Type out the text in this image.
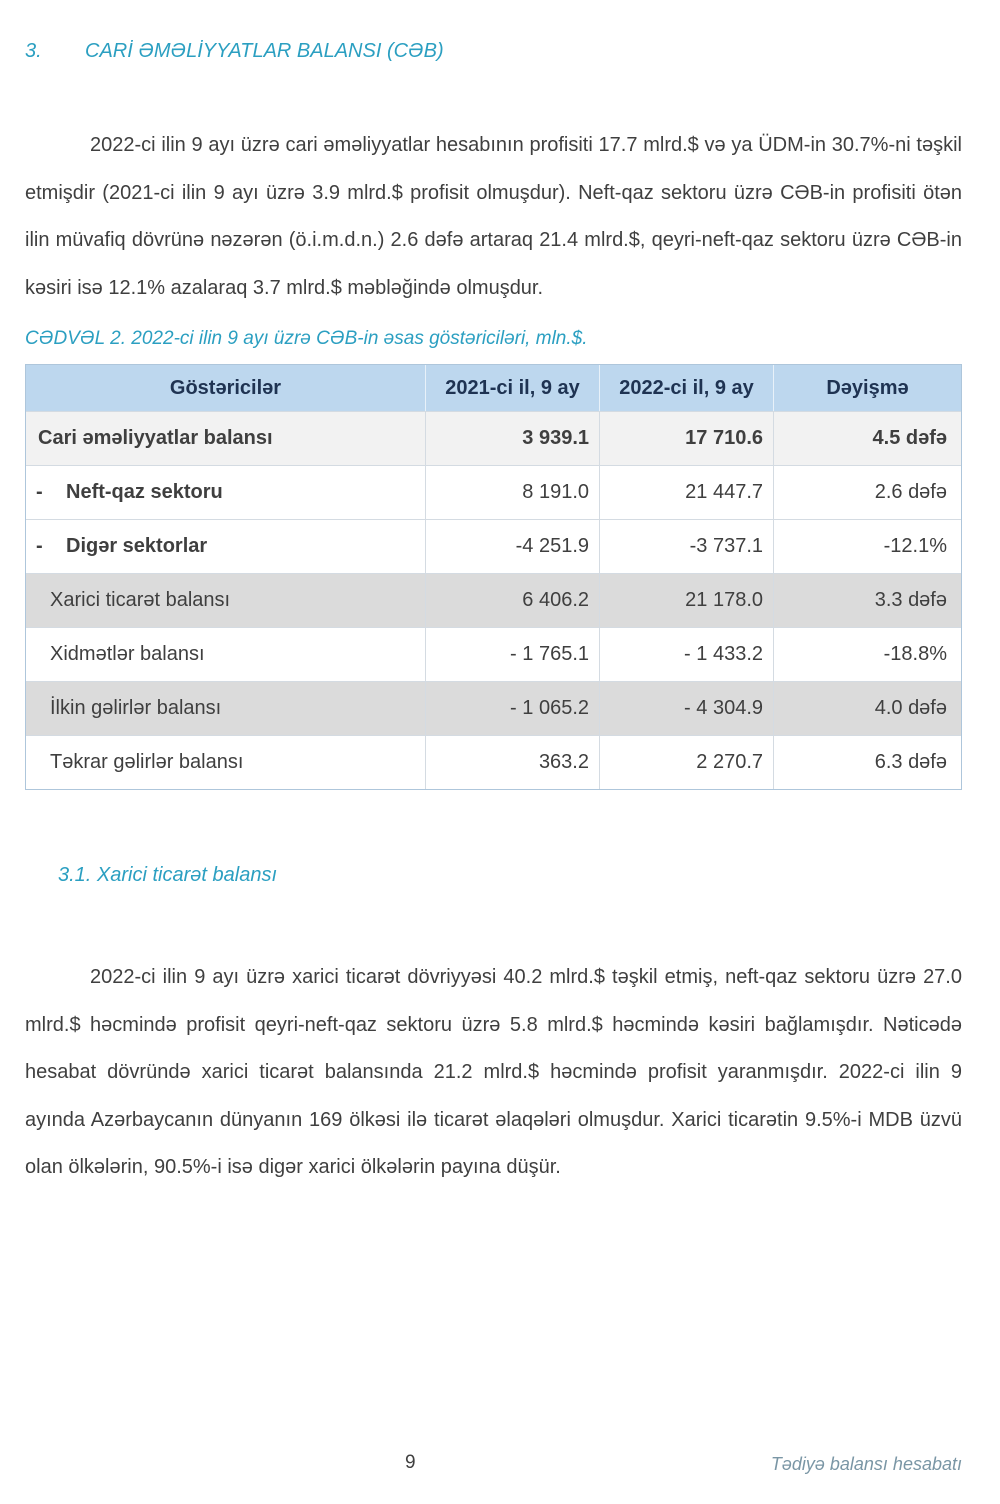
3.	CARİ ƏMƏLİYYATLAR BALANSI (CƏB)

2022-ci ilin 9 ayı üzrə cari əməliyyatlar hesabının profisiti 17.7 mlrd.$ və ya ÜDM-in 30.7%-ni təşkil etmişdir (2021-ci ilin 9 ayı üzrə 3.9 mlrd.$ profisit olmuşdur). Neft-qaz sektoru üzrə CƏB-in profisiti ötən ilin müvafiq dövrünə nəzərən (ö.i.m.d.n.) 2.6 dəfə artaraq 21.4 mlrd.$, qeyri-neft-qaz sektoru üzrə CƏB-in kəsiri isə 12.1% azalaraq 3.7 mlrd.$ məbləğində olmuşdur.

CƏDVƏL 2. 2022-ci ilin 9 ayı üzrə CƏB-in əsas göstəriciləri, mln.$.

Göstəricilər	2021-ci il, 9 ay	2022-ci il, 9 ay	Dəyişmə
Cari əməliyyatlar balansı	3 939.1	17 710.6	4.5 dəfə
-	Neft-qaz sektoru	8 191.0	21 447.7	2.6 dəfə
-	Digər sektorlar	-4 251.9	-3 737.1	-12.1%
Xarici ticarət balansı	6 406.2	21 178.0	3.3 dəfə
Xidmətlər balansı	- 1 765.1	- 1 433.2	-18.8%
İlkin gəlirlər balansı	- 1 065.2	- 4 304.9	4.0 dəfə
Təkrar gəlirlər balansı	363.2	2 270.7	6.3 dəfə
3.1. Xarici ticarət balansı

2022-ci ilin 9 ayı üzrə xarici ticarət dövriyyəsi 40.2 mlrd.$ təşkil etmiş, neft-qaz sektoru üzrə 27.0 mlrd.$ həcmində profisit qeyri-neft-qaz sektoru üzrə 5.8 mlrd.$ həcmində kəsiri bağlamışdır. Nəticədə hesabat dövründə xarici ticarət balansında 21.2 mlrd.$ həcmində profisit yaranmışdır. 2022-ci ilin 9 ayında Azərbaycanın dünyanın 169 ölkəsi ilə ticarət əlaqələri olmuşdur. Xarici ticarətin 9.5%-i MDB üzvü olan ölkələrin, 90.5%-i isə digər xarici ölkələrin payına düşür.

9	Tədiyə balansı hesabatı
